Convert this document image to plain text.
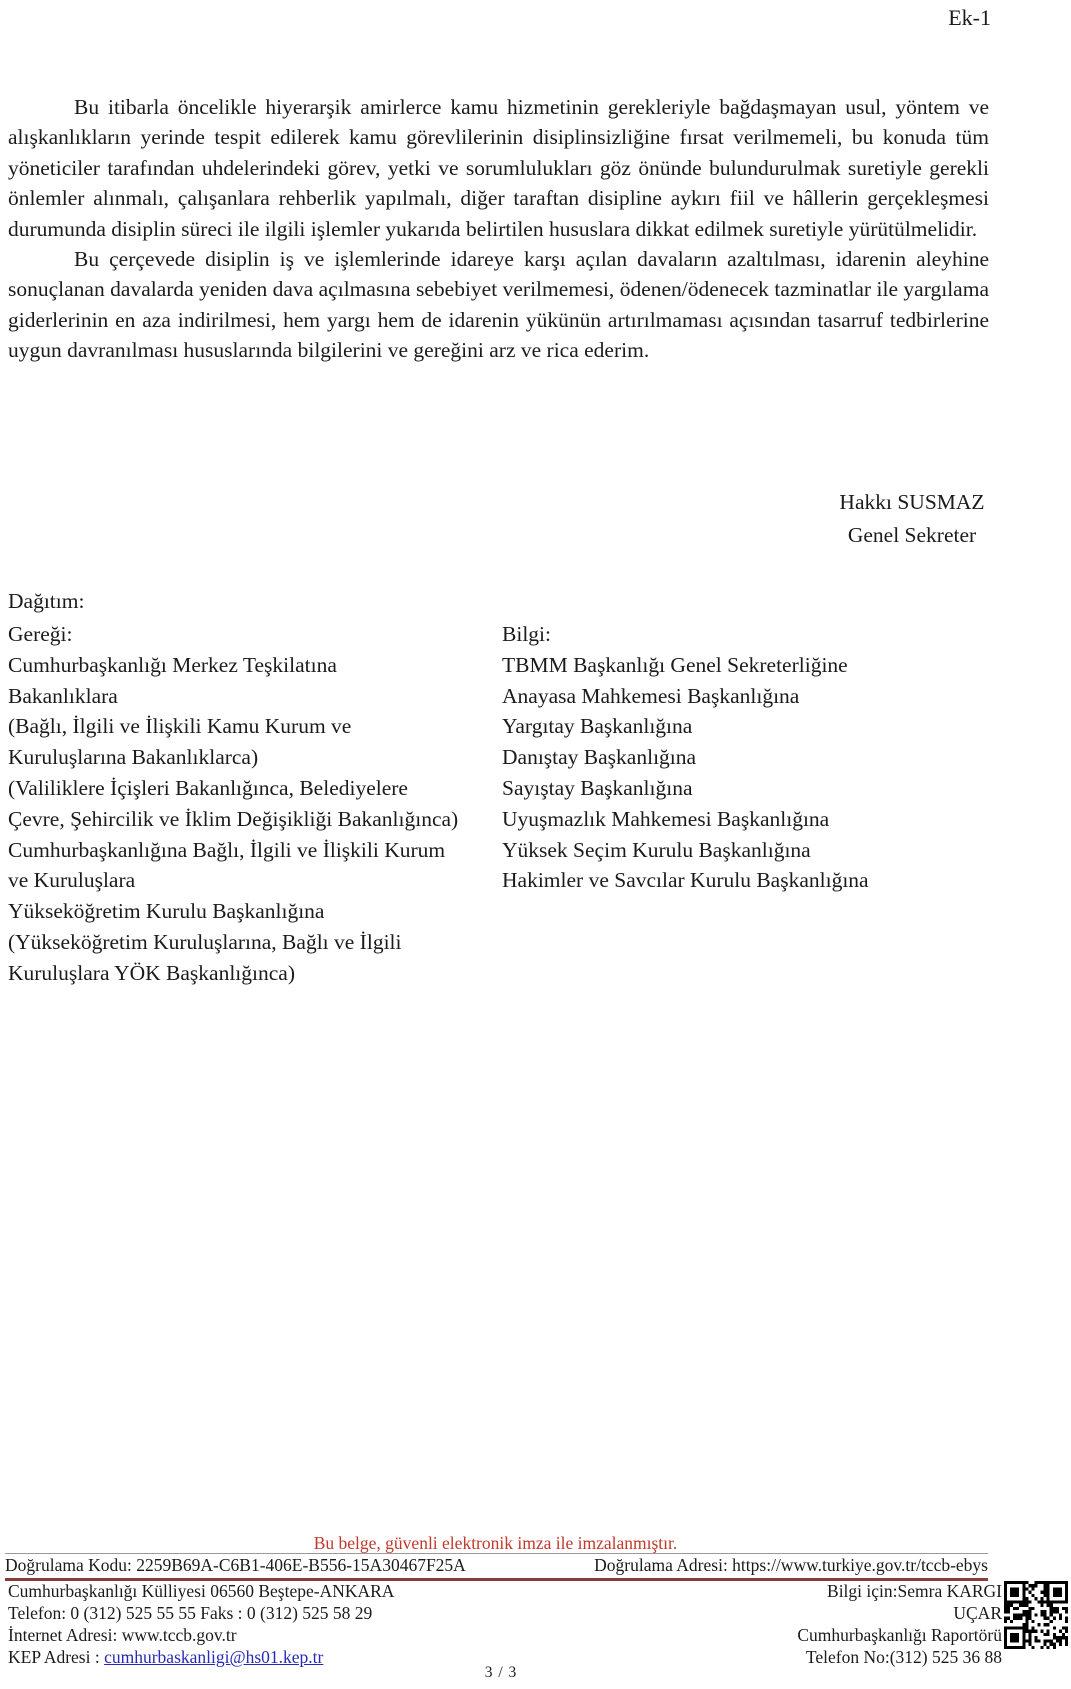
Ek-1

Bu itibarla öncelikle hiyerarşik amirlerce kamu hizmetinin gerekleriyle bağdaşmayan usul, yöntem ve alışkanlıkların yerinde tespit edilerek kamu görevlilerinin disiplinsizliğine fırsat verilmemeli, bu konuda tüm yöneticiler tarafından uhdelerindeki görev, yetki ve sorumlulukları göz önünde bulundurulmak suretiyle gerekli önlemler alınmalı, çalışanlara rehberlik yapılmalı, diğer taraftan disipline aykırı fiil ve hâllerin gerçekleşmesi durumunda disiplin süreci ile ilgili işlemler yukarıda belirtilen hususlara dikkat edilmek suretiyle yürütülmelidir.

Bu çerçevede disiplin iş ve işlemlerinde idareye karşı açılan davaların azaltılması, idarenin aleyhine sonuçlanan davalarda yeniden dava açılmasına sebebiyet verilmemesi, ödenen/ödenecek tazminatlar ile yargılama giderlerinin en aza indirilmesi, hem yargı hem de idarenin yükünün artırılmaması açısından tasarruf tedbirlerine uygun davranılması hususlarında bilgilerini ve gereğini arz ve rica ederim.

Hakkı SUSMAZ
Genel Sekreter
Dağıtım:
Gereği:
Cumhurbaşkanlığı Merkez Teşkilatına
Bakanlıklara
(Bağlı, İlgili ve İlişkili Kamu Kurum ve
Kuruluşlarına Bakanlıklarca)
(Valiliklere İçişleri Bakanlığınca, Belediyelere
Çevre, Şehircilik ve İklim Değişikliği Bakanlığınca)
Cumhurbaşkanlığına Bağlı, İlgili ve İlişkili Kurum
ve Kuruluşlara
Yükseköğretim Kurulu Başkanlığına
(Yükseköğretim Kuruluşlarına, Bağlı ve İlgili
Kuruluşlara YÖK Başkanlığınca)
Bilgi:
TBMM Başkanlığı Genel Sekreterliğine
Anayasa Mahkemesi Başkanlığına
Yargıtay Başkanlığına
Danıştay Başkanlığına
Sayıştay Başkanlığına
Uyuşmazlık Mahkemesi Başkanlığına
Yüksek Seçim Kurulu Başkanlığına
Hakimler ve Savcılar Kurulu Başkanlığına
Bu belge, güvenli elektronik imza ile imzalanmıştır.
Doğrulama Kodu: 2259B69A-C6B1-406E-B556-15A30467F25A	Doğrulama Adresi: https://www.turkiye.gov.tr/tccb-ebys
Cumhurbaşkanlığı Külliyesi 06560 Beştepe-ANKARA
Telefon: 0 (312) 525 55 55 Faks : 0 (312) 525 58 29
İnternet Adresi: www.tccb.gov.tr
KEP Adresi : cumhurbaskanligi@hs01.kep.tr
Bilgi için:Semra KARGI
UÇAR
Cumhurbaşkanlığı Raportörü
Telefon No:(312) 525 36 88
3 / 3
